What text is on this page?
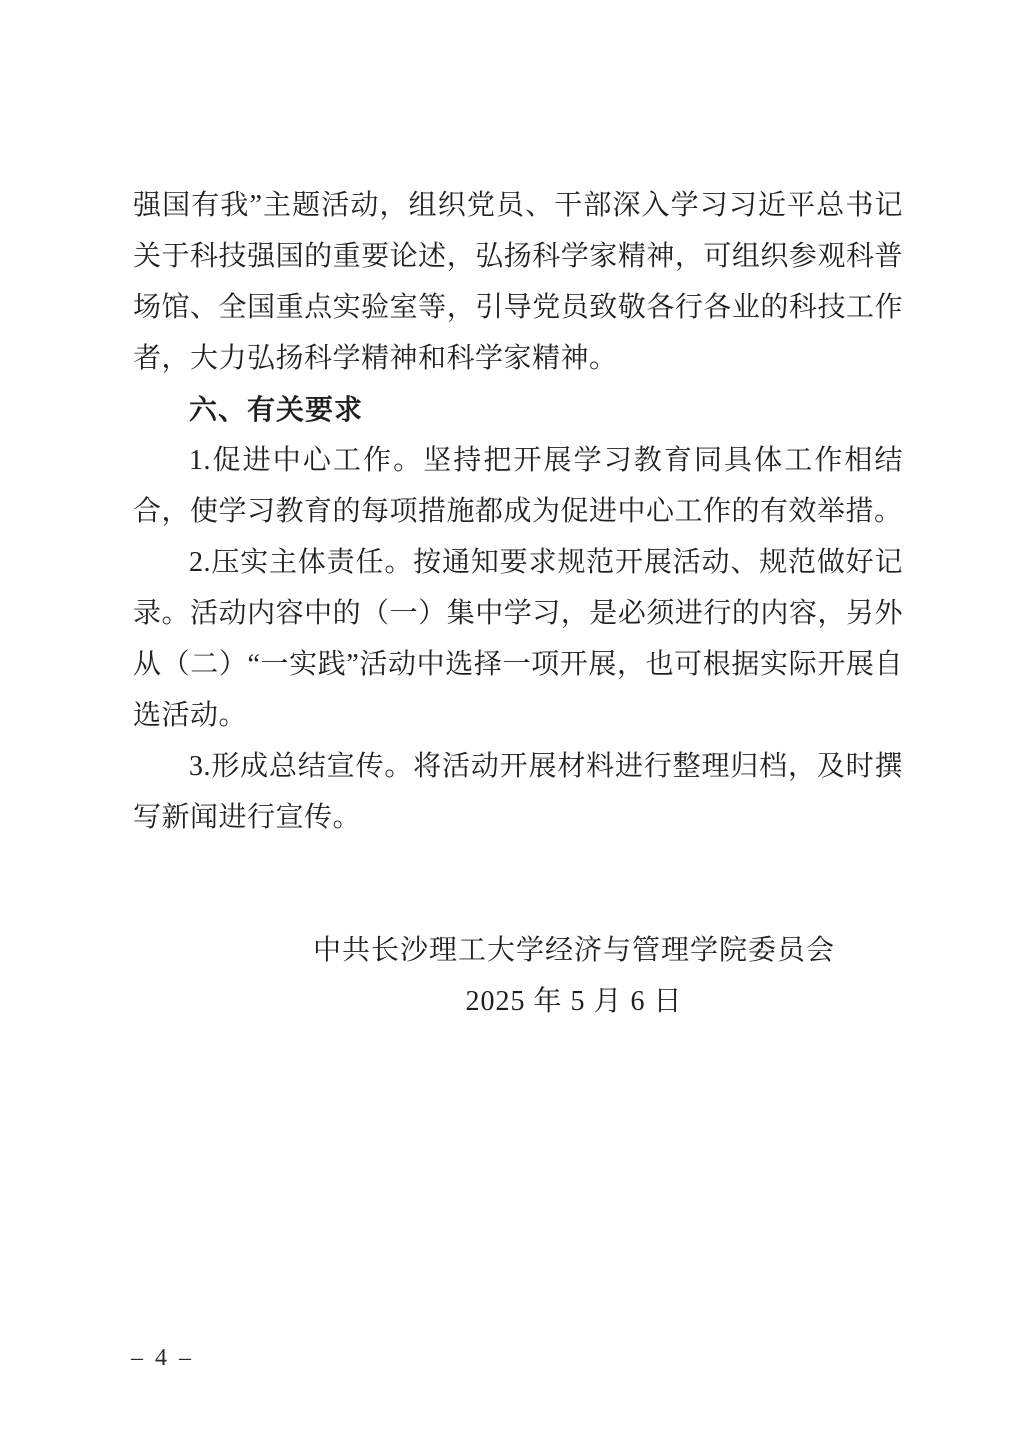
强国有我”主题活动，组织党员、干部深入学习习近平总书记关于科技强国的重要论述，弘扬科学家精神，可组织参观科普场馆、全国重点实验室等，引导党员致敬各行各业的科技工作者，大力弘扬科学精神和科学家精神。

六、有关要求

1.促进中心工作。坚持把开展学习教育同具体工作相结合，使学习教育的每项措施都成为促进中心工作的有效举措。

2.压实主体责任。按通知要求规范开展活动、规范做好记录。活动内容中的（一）集中学习，是必须进行的内容，另外从（二）“一实践”活动中选择一项开展，也可根据实际开展自选活动。

3.形成总结宣传。将活动开展材料进行整理归档，及时撰写新闻进行宣传。

中共长沙理工大学经济与管理学院委员会
2025 年 5 月 6 日
– 4 –
